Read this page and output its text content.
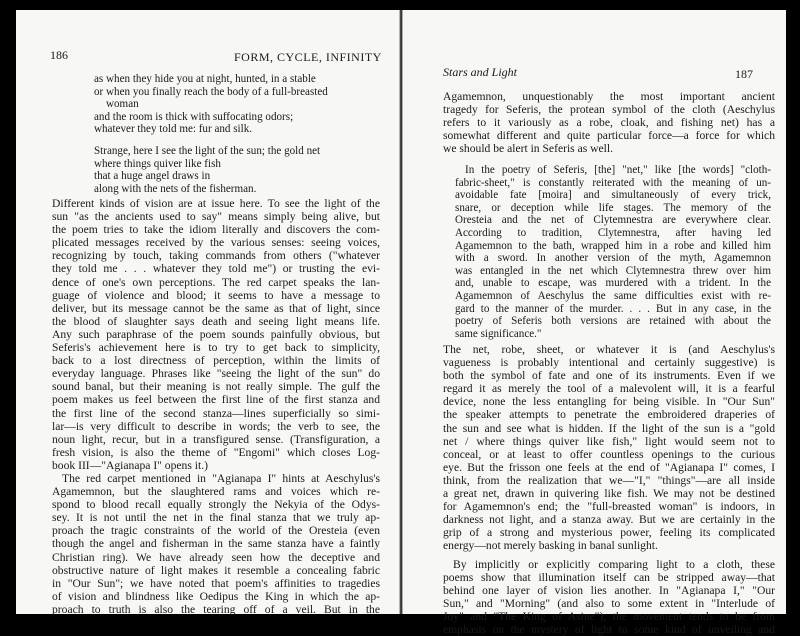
186	FORM, CYCLE, INFINITY
as when they hide you at night, hunted, in a stable
or when you finally reach the body of a full-breasted
woman
and the room is thick with suffocating odors;
whatever they told me: fur and silk.
Strange, here I see the light of the sun; the gold net
where things quiver like fish
that a huge angel draws in
along with the nets of the fisherman.
Different kinds of vision are at issue here. To see the light of the
sun "as the ancients used to say" means simply being alive, but
the poem tries to take the idiom literally and discovers the com-
plicated messages received by the various senses: seeing voices,
recognizing by touch, taking commands from others ("whatever
they told me . . . whatever they told me") or trusting the evi-
dence of one's own perceptions. The red carpet speaks the lan-
guage of violence and blood; it seems to have a message to
deliver, but its message cannot be the same as that of light, since
the blood of slaughter says death and seeing light means life.
Any such paraphrase of the poem sounds painfully obvious, but
Seferis's achievement here is to try to get back to simplicity,
back to a lost directness of perception, within the limits of
everyday language. Phrases like "seeing the light of the sun" do
sound banal, but their meaning is not really simple. The gulf the
poem makes us feel between the first line of the first stanza and
the first line of the second stanza—lines superficially so simi-
lar—is very difficult to describe in words; the verb to see, the
noun light, recur, but in a transfigured sense. (Transfiguration, a
fresh vision, is also the theme of "Engomi" which closes Log-
book III—"Agianapa I" opens it.)
The red carpet mentioned in "Agianapa I" hints at Aeschylus's
Agamemnon, but the slaughtered rams and voices which re-
spond to blood recall equally strongly the Nekyia of the Odys-
sey. It is not until the net in the final stanza that we truly ap-
proach the tragic constraints of the world of the Oresteia (even
though the angel and fisherman in the same stanza have a faintly
Christian ring). We have already seen how the deceptive and
obstructive nature of light makes it resemble a concealing fabric
in "Our Sun"; we have noted that poem's affinities to tragedies
of vision and blindness like Oedipus the King in which the ap-
proach to truth is also the tearing off of a veil. But in the
Stars and Light	187
Agamemnon, unquestionably the most important ancient
tragedy for Seferis, the protean symbol of the cloth (Aeschylus
refers to it variously as a robe, cloak, and fishing net) has a
somewhat different and quite particular force—a force for which
we should be alert in Seferis as well.
In the poetry of Seferis, [the] "net," like [the words] "cloth-
fabric-sheet," is constantly reiterated with the meaning of un-
avoidable fate [moira] and simultaneously of every trick,
snare, or deception while life stages. The memory of the
Oresteia and the net of Clytemnestra are everywhere clear.
According to tradition, Clytemnestra, after having led
Agamemnon to the bath, wrapped him in a robe and killed him
with a sword. In another version of the myth, Agamemnon
was entangled in the net which Clytemnestra threw over him
and, unable to escape, was murdered with a trident. In the
Agamemnon of Aeschylus the same difficulties exist with re-
gard to the manner of the murder. . . . But in any case, in the
poetry of Seferis both versions are retained with about the
same significance."
The net, robe, sheet, or whatever it is (and Aeschylus's
vagueness is probably intentional and certainly suggestive) is
both the symbol of fate and one of its instruments. Even if we
regard it as merely the tool of a malevolent will, it is a fearful
device, none the less entangling for being visible. In "Our Sun"
the speaker attempts to penetrate the embroidered draperies of
the sun and see what is hidden. If the light of the sun is a "gold
net / where things quiver like fish," light would seem not to
conceal, or at least to offer countless openings to the curious
eye. But the frisson one feels at the end of "Agianapa I" comes, I
think, from the realization that we—"I," "things"—are all inside
a great net, drawn in quivering like fish. We may not be destined
for Agamemnon's end; the "full-breasted woman" is indoors, in
darkness not light, and a stanza away. But we are certainly in the
grip of a strong and mysterious power, feeling its complicated
energy—not merely basking in banal sunlight.
By implicitly or explicitly comparing light to a cloth, these
poems show that illumination itself can be stripped away—that
behind one layer of vision lies another. In "Agianapa I," "Our
Sun," and "Morning" (and also to some extent in "Interlude of
Joy" and "The King of Asine"), the movement tends to be from
emphasis on the mystery of light to some kind of unveiling and
